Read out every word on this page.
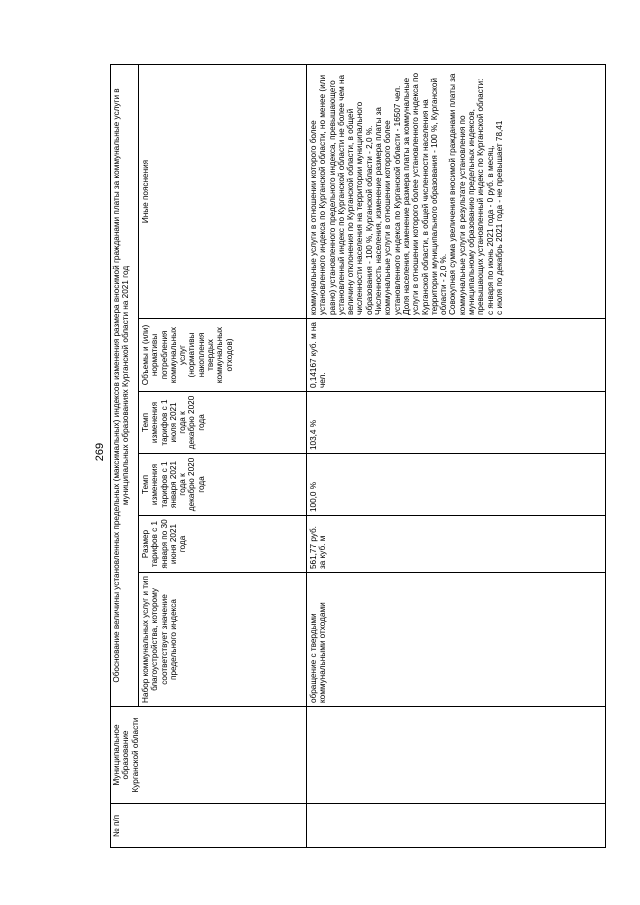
269
№ п/п
Муниципальное образование Курганской области
Обоснование величины установленных предельных (максимальных) индексов изменения размера вносимой гражданами платы за коммунальные услуги в муниципальных образованиях Курганской области на 2021 год
Набор коммунальных услуг и тип благоустройства, которому соответствует значение предельного индекса
Размер тарифов с 1 января по 30 июня 2021 года
Темп изменения тарифов с 1 января 2021 года к декабрю 2020 года
Темп изменения тарифов с 1 июля 2021 года к декабрю 2020 года
Объемы и (или) нормативы потребления коммунальных услуг (нормативы накопления твердых коммунальных отходов)
Иные пояснения
обращение с твердыми коммунальными отходами
561,77 руб. за куб. м
100,0 %
103,4 %
0,14167 куб. м на чел.

коммунальные услуги в отношении которого более установленного индекса по Курганской области, но менее (или равно) установленного предельного индекса, превышающего установленный индекс по Курганской области не более чем на величину отклонения по Курганской области, в общей численности населения на территории муниципального образования - 100 %, Курганской области - 2,0 %. Численность населения, изменение размера платы за коммунальные услуги в отношении которого более установленного индекса по Курганской области - 16507 чел. Доля населения, изменение размера платы за коммунальные услуги в отношении которого более установленного индекса по Курганской области, в общей численности населения на территории муниципального образования - 100 %, Курганской области - 2,0 %. Совокупная сумма увеличения вносимой гражданами платы за коммунальные услуги в результате установления по муниципальному образованию предельных индексов, превышающих установленный индекс по Курганской области: с января по июнь 2021 года - 0 руб. в месяц, с июля по декабрь 2021 года - не превышает 78,41
